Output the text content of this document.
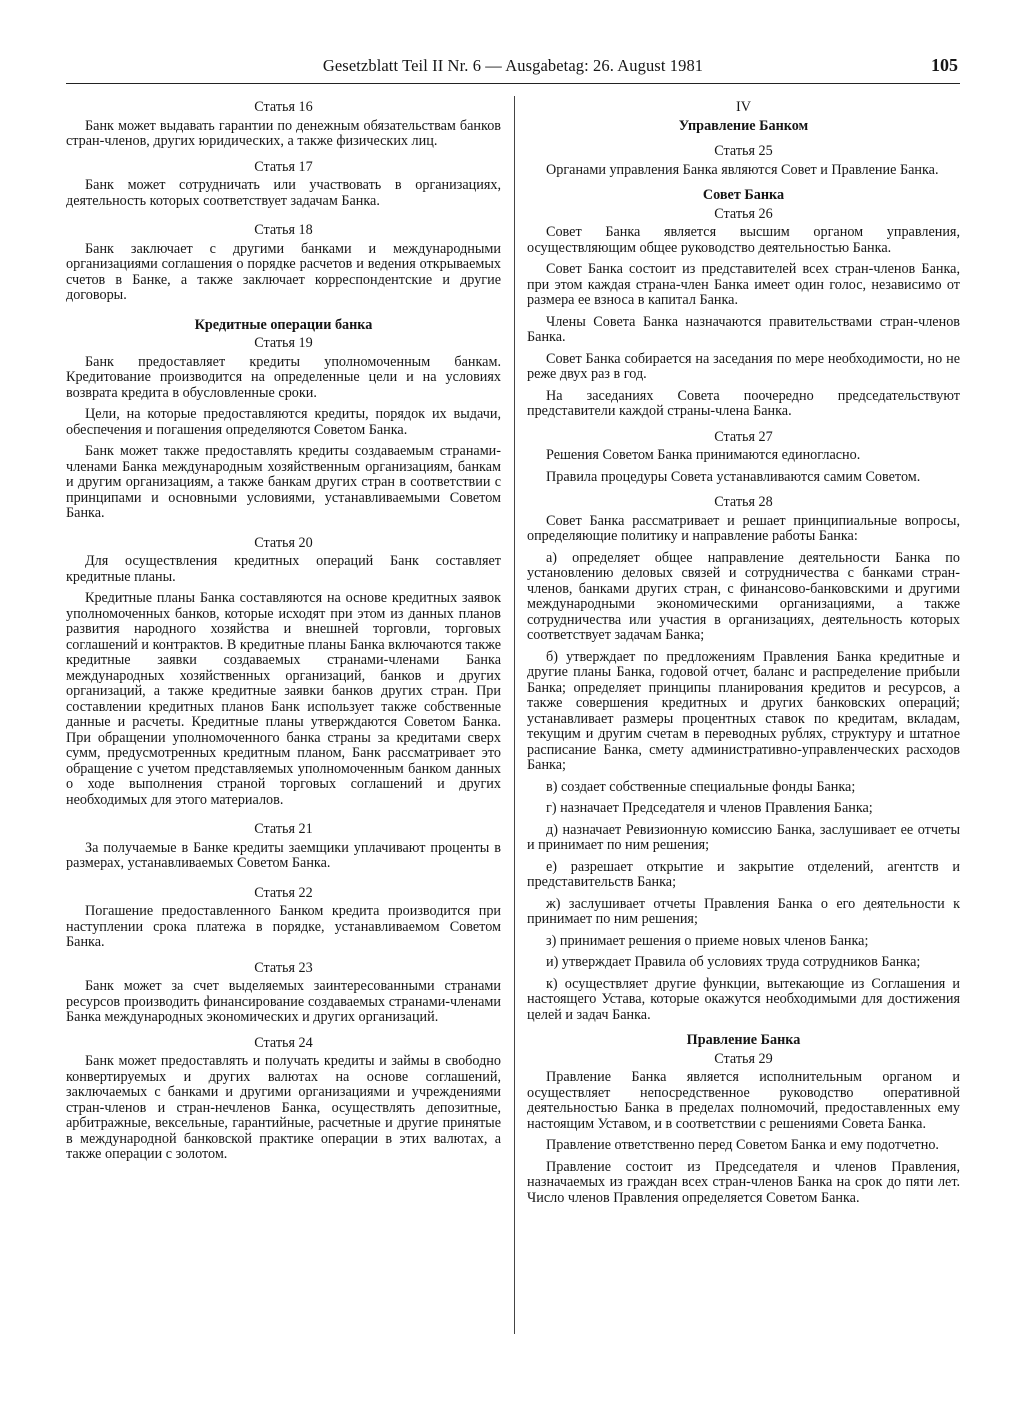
Gesetzblatt Teil II Nr. 6 — Ausgabetag: 26. August 1981	105
Статья 16
Банк может выдавать гарантии по денежным обязательствам банков стран-членов, других юридических, а также физических лиц.
Статья 17
Банк может сотрудничать или участвовать в организациях, деятельность которых соответствует задачам Банка.
Статья 18
Банк заключает с другими банками и международными организациями соглашения о порядке расчетов и ведения открываемых счетов в Банке, а также заключает корреспондентские и другие договоры.
Кредитные операции банка
Статья 19
Банк предоставляет кредиты уполномоченным банкам. Кредитование производится на определенные цели и на условиях возврата кредита в обусловленные сроки.
Цели, на которые предоставляются кредиты, порядок их выдачи, обеспечения и погашения определяются Советом Банка.
Банк может также предоставлять кредиты создаваемым странами-членами Банка международным хозяйственным организациям, банкам и другим организациям, а также банкам других стран в соответствии с принципами и основными условиями, устанавливаемыми Советом Банка.
Статья 20
Для осуществления кредитных операций Банк составляет кредитные планы.
Кредитные планы Банка составляются на основе кредитных заявок уполномоченных банков, которые исходят при этом из данных планов развития народного хозяйства и внешней торговли, торговых соглашений и контрактов. В кредитные планы Банка включаются также кредитные заявки создаваемых странами-членами Банка международных хозяйственных организаций, банков и других организаций, а также кредитные заявки банков других стран. При составлении кредитных планов Банк использует также собственные данные и расчеты. Кредитные планы утверждаются Советом Банка. При обращении уполномоченного банка страны за кредитами сверх сумм, предусмотренных кредитным планом, Банк рассматривает это обращение с учетом представляемых уполномоченным банком данных о ходе выполнения страной торговых соглашений и других необходимых для этого материалов.
Статья 21
За получаемые в Банке кредиты заемщики уплачивают проценты в размерах, устанавливаемых Советом Банка.
Статья 22
Погашение предоставленного Банком кредита производится при наступлении срока платежа в порядке, устанавливаемом Советом Банка.
Статья 23
Банк может за счет выделяемых заинтересованными странами ресурсов производить финансирование создаваемых странами-членами Банка международных экономических и других организаций.
Статья 24
Банк может предоставлять и получать кредиты и займы в свободно конвертируемых и других валютах на основе соглашений, заключаемых с банками и другими организациями и учреждениями стран-членов и стран-нечленов Банка, осуществлять депозитные, арбитражные, вексельные, гарантийные, расчетные и другие принятые в международной банковской практике операции в этих валютах, а также операции с золотом.
IV
Управление Банком
Статья 25
Органами управления Банка являются Совет и Правление Банка.
Совет Банка
Статья 26
Совет Банка является высшим органом управления, осуществляющим общее руководство деятельностью Банка.
Совет Банка состоит из представителей всех стран-членов Банка, при этом каждая страна-член Банка имеет один голос, независимо от размера ее взноса в капитал Банка.
Члены Совета Банка назначаются правительствами стран-членов Банка.
Совет Банка собирается на заседания по мере необходимости, но не реже двух раз в год.
На заседаниях Совета поочередно председательствуют представители каждой страны-члена Банка.
Статья 27
Решения Советом Банка принимаются единогласно.
Правила процедуры Совета устанавливаются самим Советом.
Статья 28
Совет Банка рассматривает и решает принципиальные вопросы, определяющие политику и направление работы Банка:
а) определяет общее направление деятельности Банка по установлению деловых связей и сотрудничества с банками стран-членов, банками других стран, с финансово-банковскими и другими международными экономическими организациями, а также сотрудничества или участия в организациях, деятельность которых соответствует задачам Банка;
б) утверждает по предложениям Правления Банка кредитные и другие планы Банка, годовой отчет, баланс и распределение прибыли Банка; определяет принципы планирования кредитов и ресурсов, а также совершения кредитных и других банковских операций; устанавливает размеры процентных ставок по кредитам, вкладам, текущим и другим счетам в переводных рублях, структуру и штатное расписание Банка, смету административно-управленческих расходов Банка;
в) создает собственные специальные фонды Банка;
г) назначает Председателя и членов Правления Банка;
д) назначает Ревизионную комиссию Банка, заслушивает ее отчеты и принимает по ним решения;
е) разрешает открытие и закрытие отделений, агентств и представительств Банка;
ж) заслушивает отчеты Правления Банка о его деятельности к принимает по ним решения;
з) принимает решения о приеме новых членов Банка;
и) утверждает Правила об условиях труда сотрудников Банка;
к) осуществляет другие функции, вытекающие из Соглашения и настоящего Устава, которые окажутся необходимыми для достижения целей и задач Банка.
Правление Банка
Статья 29
Правление Банка является исполнительным органом и осуществляет непосредственное руководство оперативной деятельностью Банка в пределах полномочий, предоставленных ему настоящим Уставом, и в соответствии с решениями Совета Банка.
Правление ответственно перед Советом Банка и ему подотчетно.
Правление состоит из Председателя и членов Правления, назначаемых из граждан всех стран-членов Банка на срок до пяти лет. Число членов Правления определяется Советом Банка.
